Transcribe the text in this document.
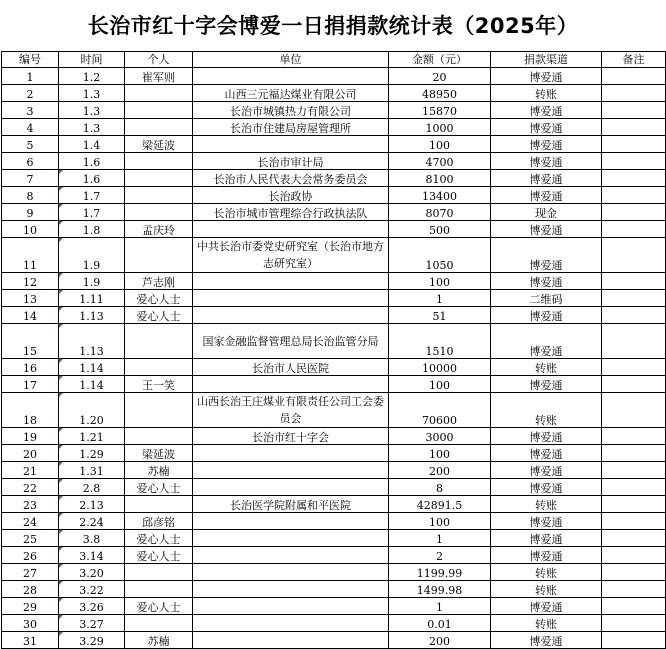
长治市红十字会博爱一日捐捐款统计表（2025年）
编号	时间	个人	单位	金额（元）	捐款渠道	备注
1	1.2	崔军则		20	博爱通	
2	1.3		山西三元福达煤业有限公司	48950	转账	
3	1.3		长治市城镇热力有限公司	15870	博爱通	
4	1.3		长治市住建局房屋管理所	1000	博爱通	
5	1.4	梁延波		100	博爱通	
6	1.6		长治市审计局	4700	博爱通	
7	1.6		长治市人民代表大会常务委员会	8100	博爱通	
8	1.7		长治政协	13400	博爱通	
9	1.7		长治市城市管理综合行政执法队	8070	现金	
10	1.8	孟庆玲		500	博爱通	
11	1.9		中共长治市委党史研究室（长治市地方志研究室）	1050	博爱通	
12	1.9	芦志刚		100	博爱通	
13	1.11	爱心人士		1	二维码	
14	1.13	爱心人士		51	博爱通	
15	1.13		国家金融监督管理总局长治监管分局	1510	博爱通	
16	1.14		长治市人民医院	10000	转账	
17	1.14	王一笑		100	博爱通	
18	1.20		山西长治王庄煤业有限责任公司工会委员会	70600	转账	
19	1.21		长治市红十字会	3000	博爱通	
20	1.29	梁延波		100	博爱通	
21	1.31	苏楠		200	博爱通	
22	2.8	爱心人士		8	博爱通	
23	2.13		长治医学院附属和平医院	42891.5	转账	
24	2.24	邱彦铭		100	博爱通	
25	3.8	爱心人士		1	博爱通	
26	3.14	爱心人士		2	博爱通	
27	3.20			1199.99	转账	
28	3.22			1499.98	转账	
29	3.26	爱心人士		1	博爱通	
30	3.27			0.01	转账	
31	3.29	苏楠		200	博爱通	
